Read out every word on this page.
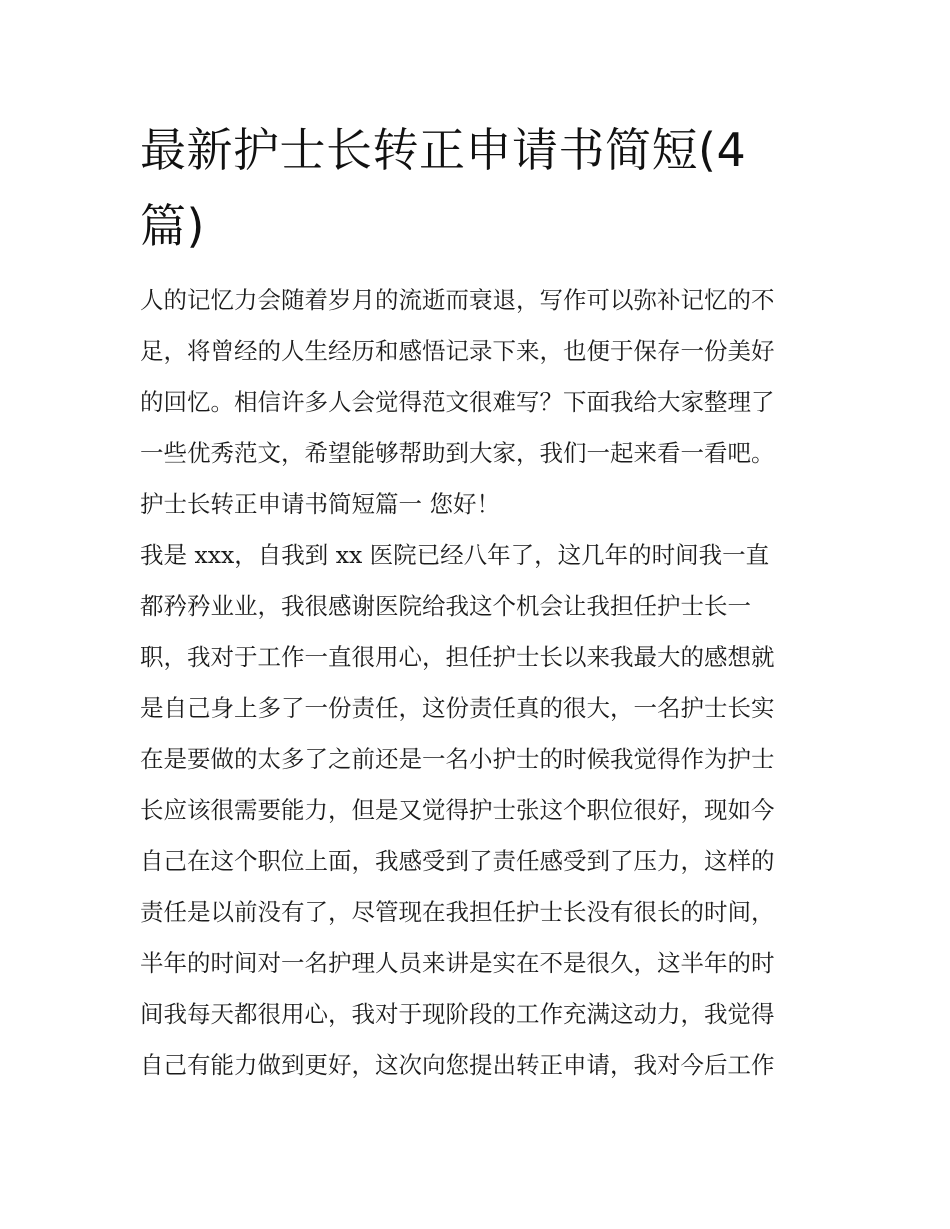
最新护士长转正申请书简短(4
篇)
人的记忆力会随着岁月的流逝而衰退，写作可以弥补记忆的不
足，将曾经的人生经历和感悟记录下来，也便于保存一份美好
的回忆。相信许多人会觉得范文很难写？下面我给大家整理了
一些优秀范文，希望能够帮助到大家，我们一起来看一看吧。
护士长转正申请书简短篇一 您好！
我是 xxx，自我到 xx 医院已经八年了，这几年的时间我一直
都矜矜业业，我很感谢医院给我这个机会让我担任护士长一
职，我对于工作一直很用心，担任护士长以来我最大的感想就
是自己身上多了一份责任，这份责任真的很大，一名护士长实
在是要做的太多了之前还是一名小护士的时候我觉得作为护士
长应该很需要能力，但是又觉得护士张这个职位很好，现如今
自己在这个职位上面，我感受到了责任感受到了压力，这样的
责任是以前没有了，尽管现在我担任护士长没有很长的时间，
半年的时间对一名护理人员来讲是实在不是很久，这半年的时
间我每天都很用心，我对于现阶段的工作充满这动力，我觉得
自己有能力做到更好，这次向您提出转正申请，我对今后工作
